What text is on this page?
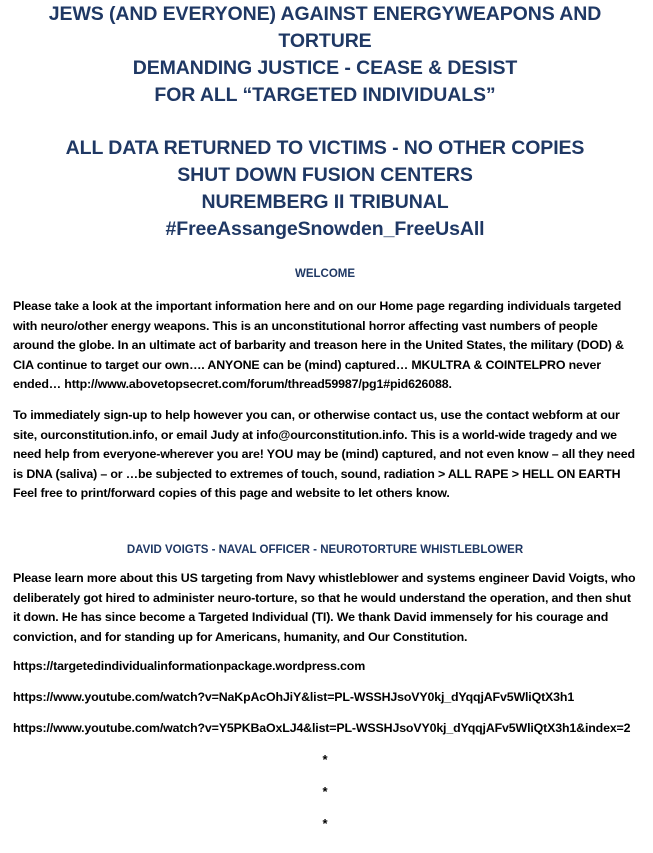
JEWS (AND EVERYONE) AGAINST ENERGYWEAPONS AND TORTURE
DEMANDING JUSTICE - CEASE & DESIST
FOR ALL “TARGETED INDIVIDUALS”
ALL DATA RETURNED TO VICTIMS - NO OTHER COPIES
SHUT DOWN FUSION CENTERS
NUREMBERG II TRIBUNAL
#FreeAssangeSnowden_FreeUsAll
WELCOME

Please take a look at the important information here and on our Home page regarding individuals targeted with neuro/other energy weapons. This is an unconstitutional horror affecting vast numbers of people around the globe. In an ultimate act of barbarity and treason here in the United States, the military (DOD) & CIA continue to target our own…. ANYONE can be (mind) captured… MKULTRA & COINTELPRO never ended… http://www.abovetopsecret.com/forum/thread59987/pg1#pid626088.

To immediately sign-up to help however you can, or otherwise contact us, use the contact webform at our site, ourconstitution.info, or email Judy at info@ourconstitution.info. This is a world-wide tragedy and we need help from everyone-wherever you are! YOU may be (mind) captured, and not even know – all they need is DNA (saliva) – or …be subjected to extremes of touch, sound, radiation > ALL RAPE > HELL ON EARTH Feel free to print/forward copies of this page and website to let others know.

DAVID VOIGTS - NAVAL OFFICER - NEUROTORTURE WHISTLEBLOWER

Please learn more about this US targeting from Navy whistleblower and systems engineer David Voigts, who deliberately got hired to administer neuro-torture, so that he would understand the operation, and then shut it down. He has since become a Targeted Individual (TI). We thank David immensely for his courage and conviction, and for standing up for Americans, humanity, and Our Constitution.

https://targetedindividualinformationpackage.wordpress.com

https://www.youtube.com/watch?v=NaKpAcOhJiY&list=PL-WSSHJsoVY0kj_dYqqjAFv5WliQtX3h1

https://www.youtube.com/watch?v=Y5PKBaOxLJ4&list=PL-WSSHJsoVY0kj_dYqqjAFv5WliQtX3h1&index=2

*
*
*
